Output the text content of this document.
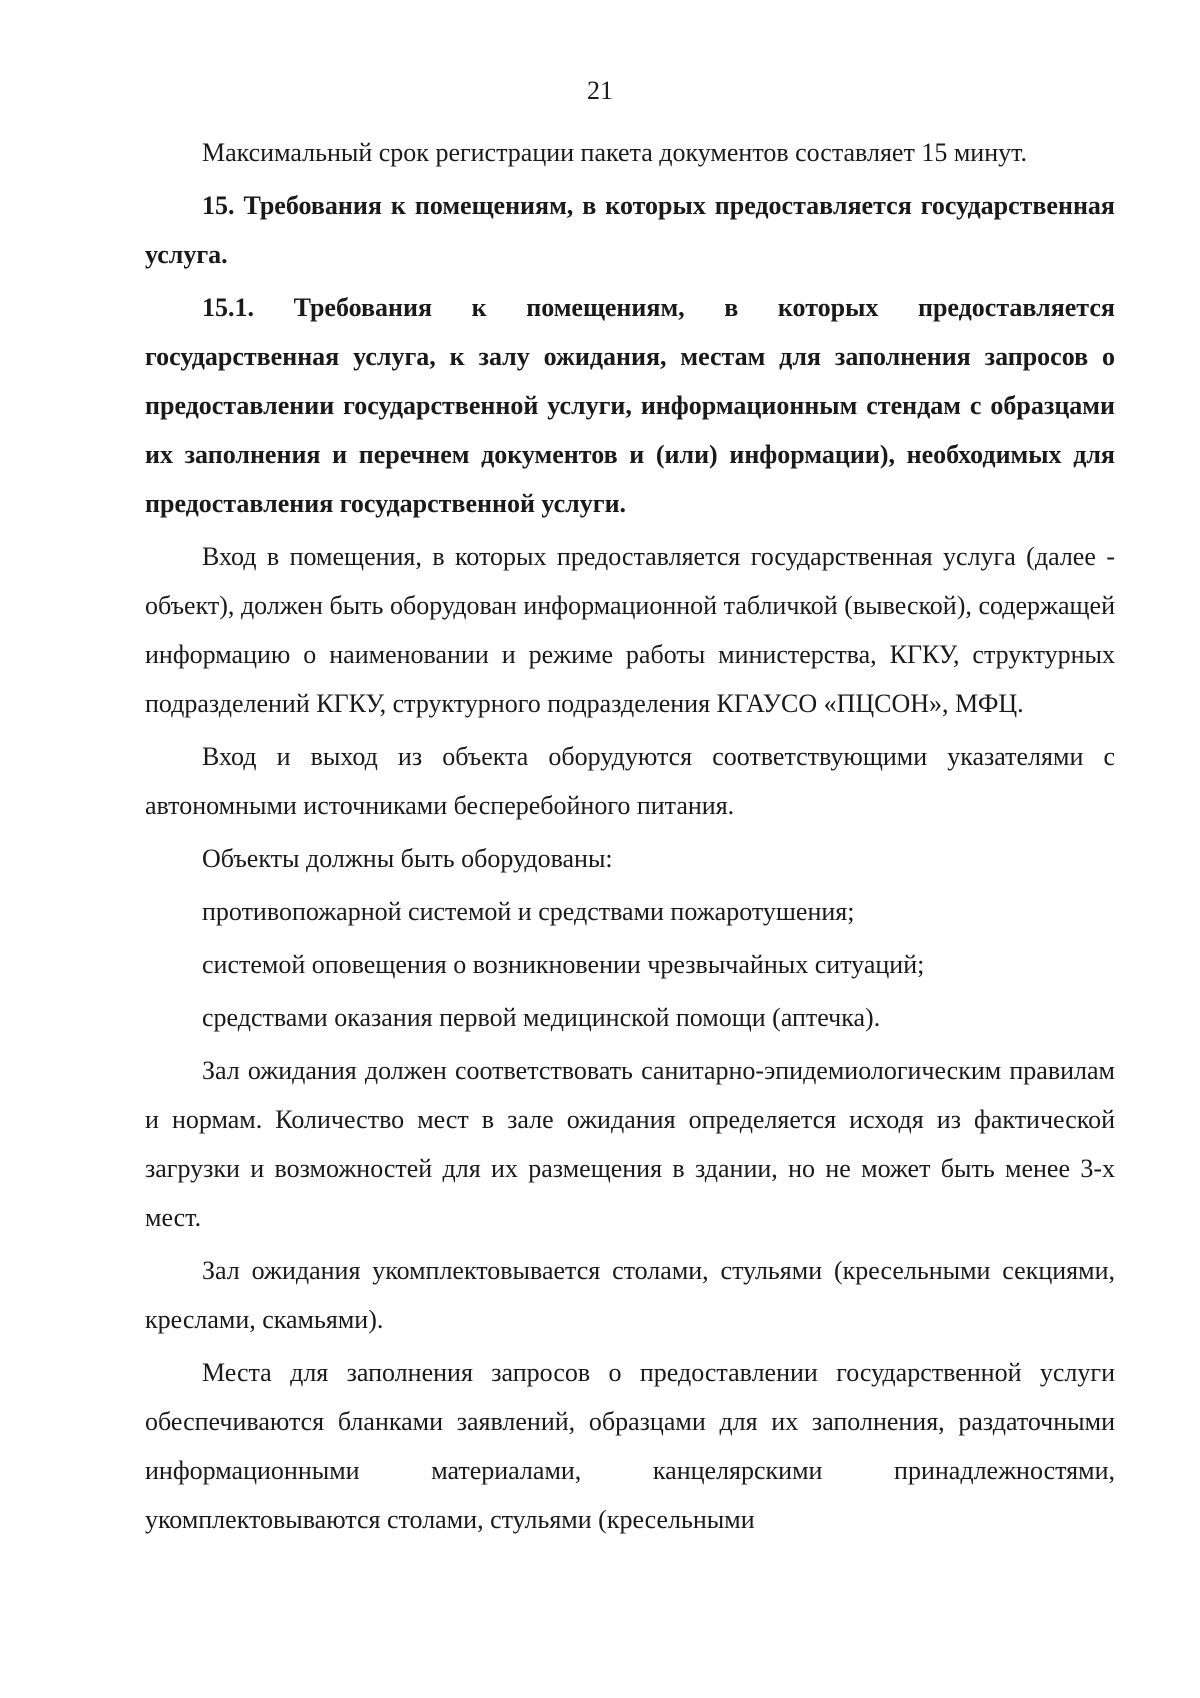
21

Максимальный срок регистрации пакета документов составляет 15 минут.

15. Требования к помещениям, в которых предоставляется государственная услуга.

15.1. Требования к помещениям, в которых предоставляется государственная услуга, к залу ожидания, местам для заполнения запросов о предоставлении государственной услуги, информационным стендам с образцами их заполнения и перечнем документов и (или) информации), необходимых для предоставления государственной услуги.

Вход в помещения, в которых предоставляется государственная услуга (далее - объект), должен быть оборудован информационной табличкой (вывеской), содержащей информацию о наименовании и режиме работы министерства, КГКУ, структурных подразделений КГКУ, структурного подразделения КГАУСО «ПЦСОН», МФЦ.

Вход и выход из объекта оборудуются соответствующими указателями с автономными источниками бесперебойного питания.

Объекты должны быть оборудованы:

противопожарной системой и средствами пожаротушения;

системой оповещения о возникновении чрезвычайных ситуаций;

средствами оказания первой медицинской помощи (аптечка).

Зал ожидания должен соответствовать санитарно-эпидемиологическим правилам и нормам. Количество мест в зале ожидания определяется исходя из фактической загрузки и возможностей для их размещения в здании, но не может быть менее 3-х мест.

Зал ожидания укомплектовывается столами, стульями (кресельными секциями, креслами, скамьями).

Места для заполнения запросов о предоставлении государственной услуги обеспечиваются бланками заявлений, образцами для их заполнения, раздаточными информационными материалами, канцелярскими принадлежностями, укомплектовываются столами, стульями (кресельными
